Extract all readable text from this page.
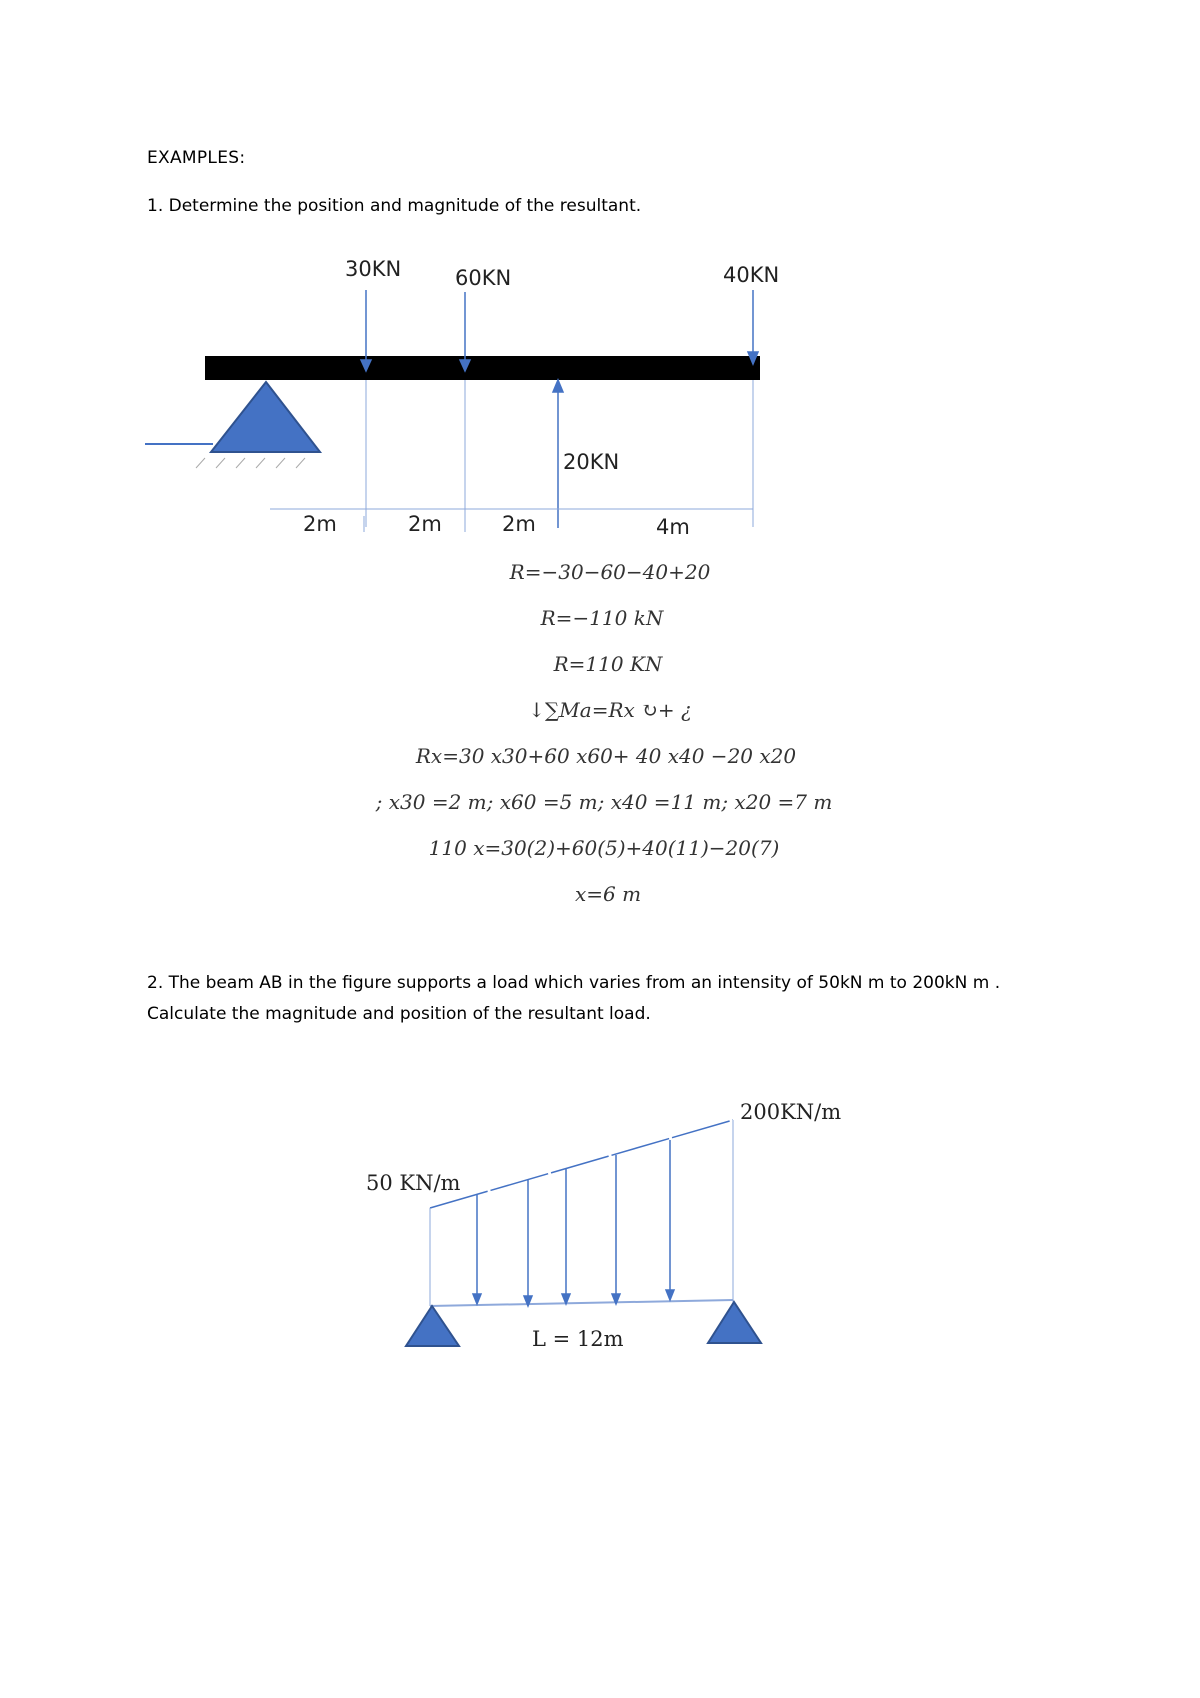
EXAMPLES:
1. Determine the position and magnitude of the resultant.
30KN	60KN	40KN
20KN
2m	2m	2m	4m
R=−30−60−40+20
R=−110 kN
R=110 KN
↓∑Ma=Rx ↻+ ¿
Rx=30 x30+60 x60+ 40 x40 −20 x20
; x30 =2 m; x60 =5 m; x40 =11 m; x20 =7 m
110 x=30(2)+60(5)+40(11)−20(7)
x=6 m
2. The beam AB in the figure supports a load which varies from an intensity of 50kN m to 200kN m . Calculate the magnitude and position of the resultant load.
50 KN/m
200KN/m
L = 12m
